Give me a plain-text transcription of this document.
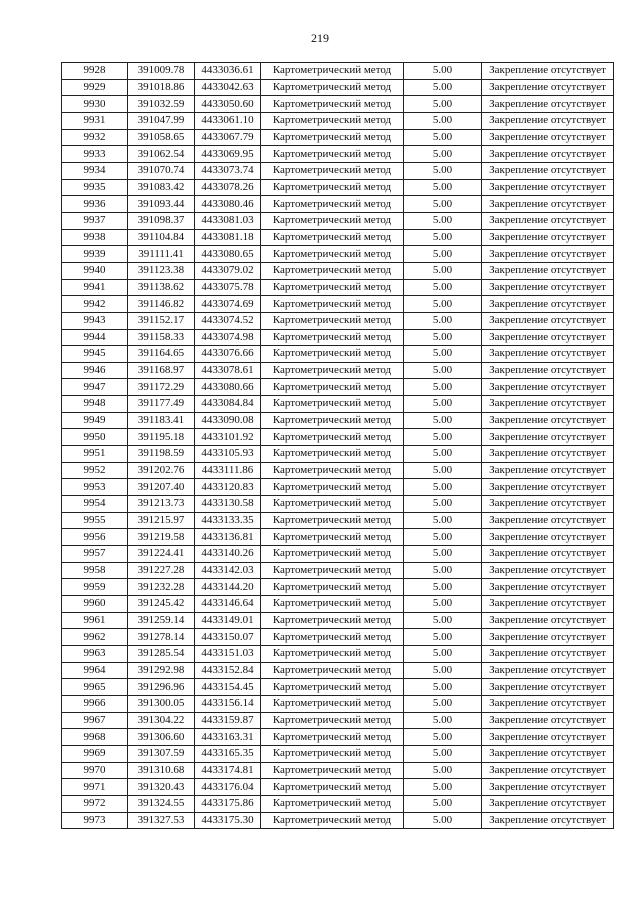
219
9928	391009.78	4433036.61	Картометрический метод	5.00	Закрепление отсутствует
9929	391018.86	4433042.63	Картометрический метод	5.00	Закрепление отсутствует
9930	391032.59	4433050.60	Картометрический метод	5.00	Закрепление отсутствует
9931	391047.99	4433061.10	Картометрический метод	5.00	Закрепление отсутствует
9932	391058.65	4433067.79	Картометрический метод	5.00	Закрепление отсутствует
9933	391062.54	4433069.95	Картометрический метод	5.00	Закрепление отсутствует
9934	391070.74	4433073.74	Картометрический метод	5.00	Закрепление отсутствует
9935	391083.42	4433078.26	Картометрический метод	5.00	Закрепление отсутствует
9936	391093.44	4433080.46	Картометрический метод	5.00	Закрепление отсутствует
9937	391098.37	4433081.03	Картометрический метод	5.00	Закрепление отсутствует
9938	391104.84	4433081.18	Картометрический метод	5.00	Закрепление отсутствует
9939	391111.41	4433080.65	Картометрический метод	5.00	Закрепление отсутствует
9940	391123.38	4433079.02	Картометрический метод	5.00	Закрепление отсутствует
9941	391138.62	4433075.78	Картометрический метод	5.00	Закрепление отсутствует
9942	391146.82	4433074.69	Картометрический метод	5.00	Закрепление отсутствует
9943	391152.17	4433074.52	Картометрический метод	5.00	Закрепление отсутствует
9944	391158.33	4433074.98	Картометрический метод	5.00	Закрепление отсутствует
9945	391164.65	4433076.66	Картометрический метод	5.00	Закрепление отсутствует
9946	391168.97	4433078.61	Картометрический метод	5.00	Закрепление отсутствует
9947	391172.29	4433080.66	Картометрический метод	5.00	Закрепление отсутствует
9948	391177.49	4433084.84	Картометрический метод	5.00	Закрепление отсутствует
9949	391183.41	4433090.08	Картометрический метод	5.00	Закрепление отсутствует
9950	391195.18	4433101.92	Картометрический метод	5.00	Закрепление отсутствует
9951	391198.59	4433105.93	Картометрический метод	5.00	Закрепление отсутствует
9952	391202.76	4433111.86	Картометрический метод	5.00	Закрепление отсутствует
9953	391207.40	4433120.83	Картометрический метод	5.00	Закрепление отсутствует
9954	391213.73	4433130.58	Картометрический метод	5.00	Закрепление отсутствует
9955	391215.97	4433133.35	Картометрический метод	5.00	Закрепление отсутствует
9956	391219.58	4433136.81	Картометрический метод	5.00	Закрепление отсутствует
9957	391224.41	4433140.26	Картометрический метод	5.00	Закрепление отсутствует
9958	391227.28	4433142.03	Картометрический метод	5.00	Закрепление отсутствует
9959	391232.28	4433144.20	Картометрический метод	5.00	Закрепление отсутствует
9960	391245.42	4433146.64	Картометрический метод	5.00	Закрепление отсутствует
9961	391259.14	4433149.01	Картометрический метод	5.00	Закрепление отсутствует
9962	391278.14	4433150.07	Картометрический метод	5.00	Закрепление отсутствует
9963	391285.54	4433151.03	Картометрический метод	5.00	Закрепление отсутствует
9964	391292.98	4433152.84	Картометрический метод	5.00	Закрепление отсутствует
9965	391296.96	4433154.45	Картометрический метод	5.00	Закрепление отсутствует
9966	391300.05	4433156.14	Картометрический метод	5.00	Закрепление отсутствует
9967	391304.22	4433159.87	Картометрический метод	5.00	Закрепление отсутствует
9968	391306.60	4433163.31	Картометрический метод	5.00	Закрепление отсутствует
9969	391307.59	4433165.35	Картометрический метод	5.00	Закрепление отсутствует
9970	391310.68	4433174.81	Картометрический метод	5.00	Закрепление отсутствует
9971	391320.43	4433176.04	Картометрический метод	5.00	Закрепление отсутствует
9972	391324.55	4433175.86	Картометрический метод	5.00	Закрепление отсутствует
9973	391327.53	4433175.30	Картометрический метод	5.00	Закрепление отсутствует
